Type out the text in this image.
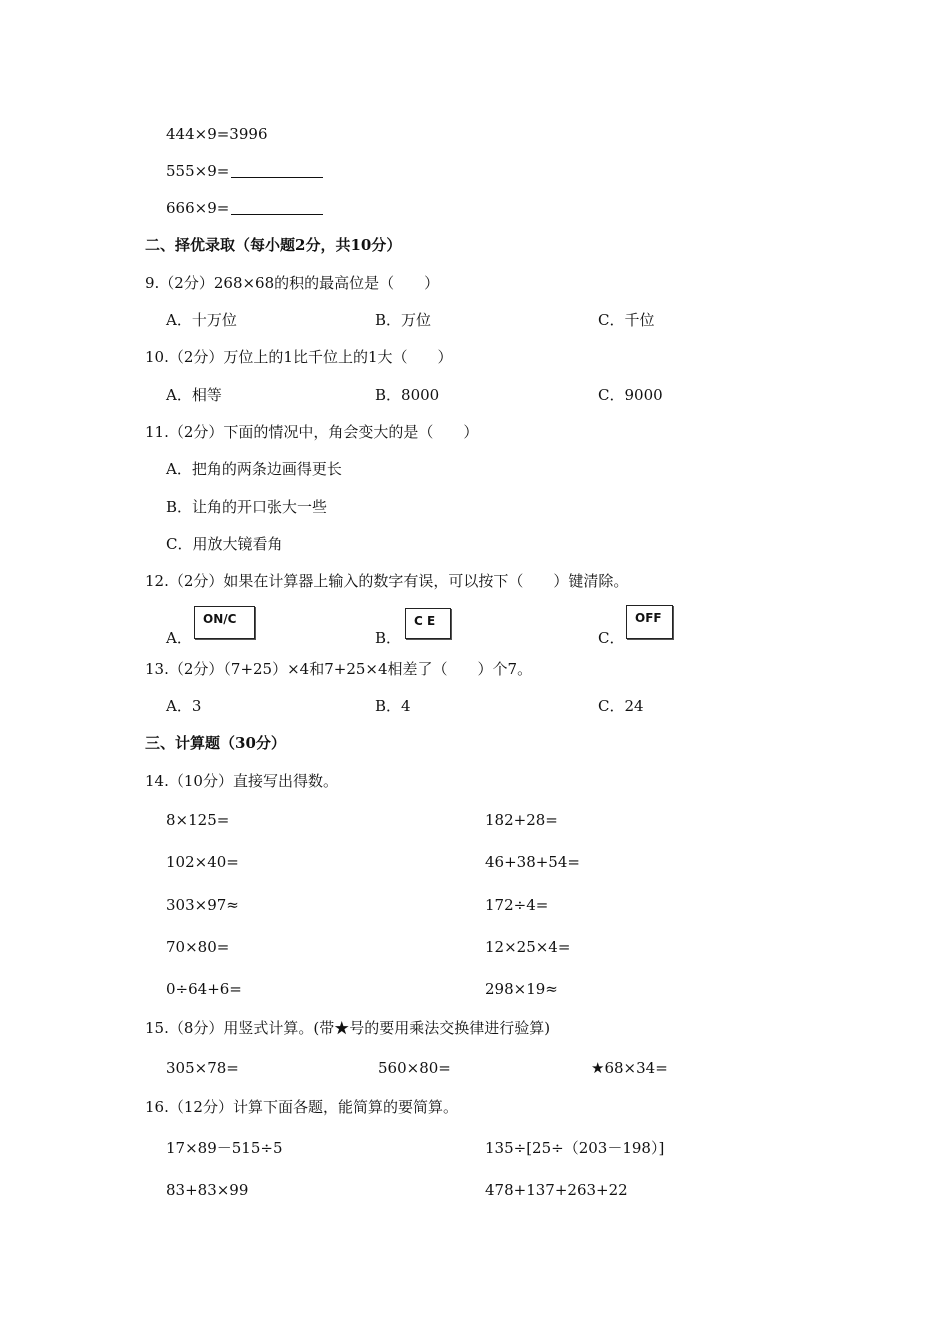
444×9=3996
555×9=
666×9=
二、择优录取（每小题2分，共10分）
9.（2分）268×68的积的最高位是（　　）
A．十万位	B．万位	C．千位
10.（2分）万位上的1比千位上的1大（　　）
A．相等	B．8000	C．9000
11.（2分）下面的情况中，角会变大的是（　　）
A．把角的两条边画得更长
B．让角的开口张大一些
C．用放大镜看角
12.（2分）如果在计算器上输入的数字有误，可以按下（　　）键清除。
A．
ON/C
B．
C E
C．
OFF
13.（2分）（7+25）×4和7+25×4相差了（　　）个7。
A．3	B．4	C．24
三、计算题（30分）
14.（10分）直接写出得数。
8×125=	182+28=
102×40=	46+38+54=
303×97≈	172÷4=
70×80=	12×25×4=
0÷64+6=	298×19≈
15.（8分）用竖式计算。(带★号的要用乘法交换律进行验算)
305×78=	560×80=	★68×34=
16.（12分）计算下面各题，能简算的要简算。
17×89－515÷5	135÷[25÷（203－198）]
83+83×99	478+137+263+22
